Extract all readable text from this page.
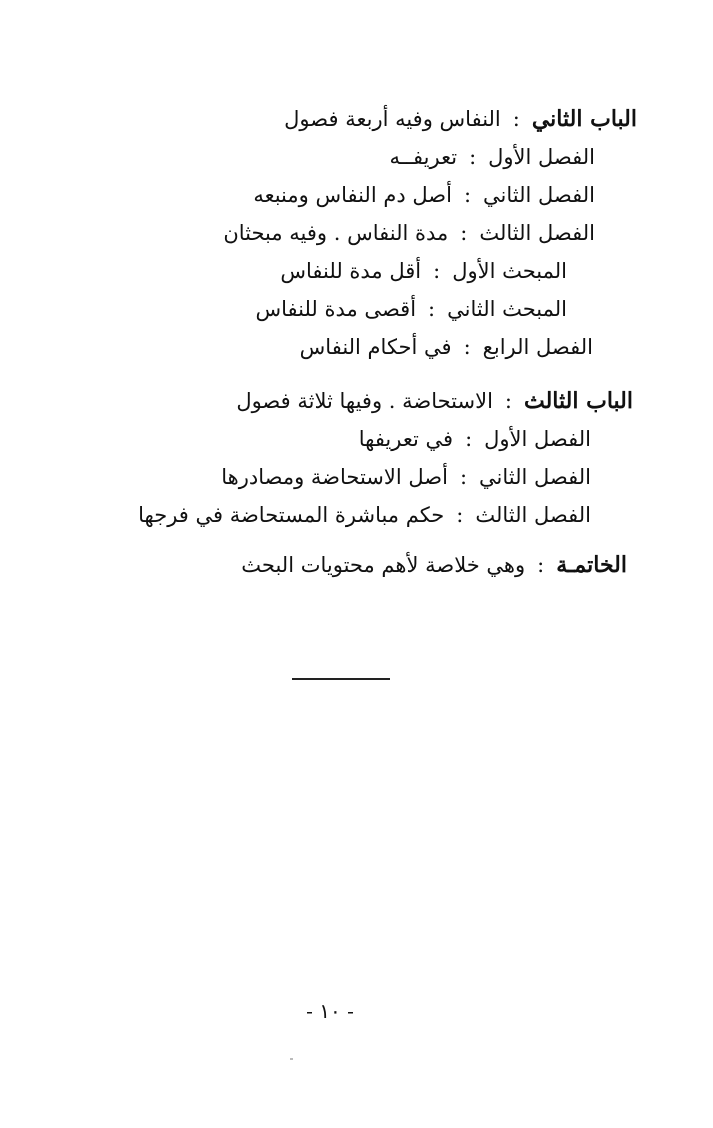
الباب الثاني:النفاس وفيه أربعة فصول
الفصل الأول:تعريفــه
الفصل الثاني:أصل دم النفاس ومنبعه
الفصل الثالث:مدة النفاس . وفيه مبحثان
المبحث الأول:أقل مدة للنفاس
المبحث الثاني:أقصى مدة للنفاس
الفصل الرابع:في أحكام النفاس
الباب الثالث:الاستحاضة . وفيها ثلاثة فصول
الفصل الأول:في تعريفها
الفصل الثاني:أصل الاستحاضة ومصادرها
الفصل الثالث:حكم مباشرة المستحاضة في فرجها
الخاتمـة:وهي خلاصة لأهم محتويات البحث
- ١٠ -
